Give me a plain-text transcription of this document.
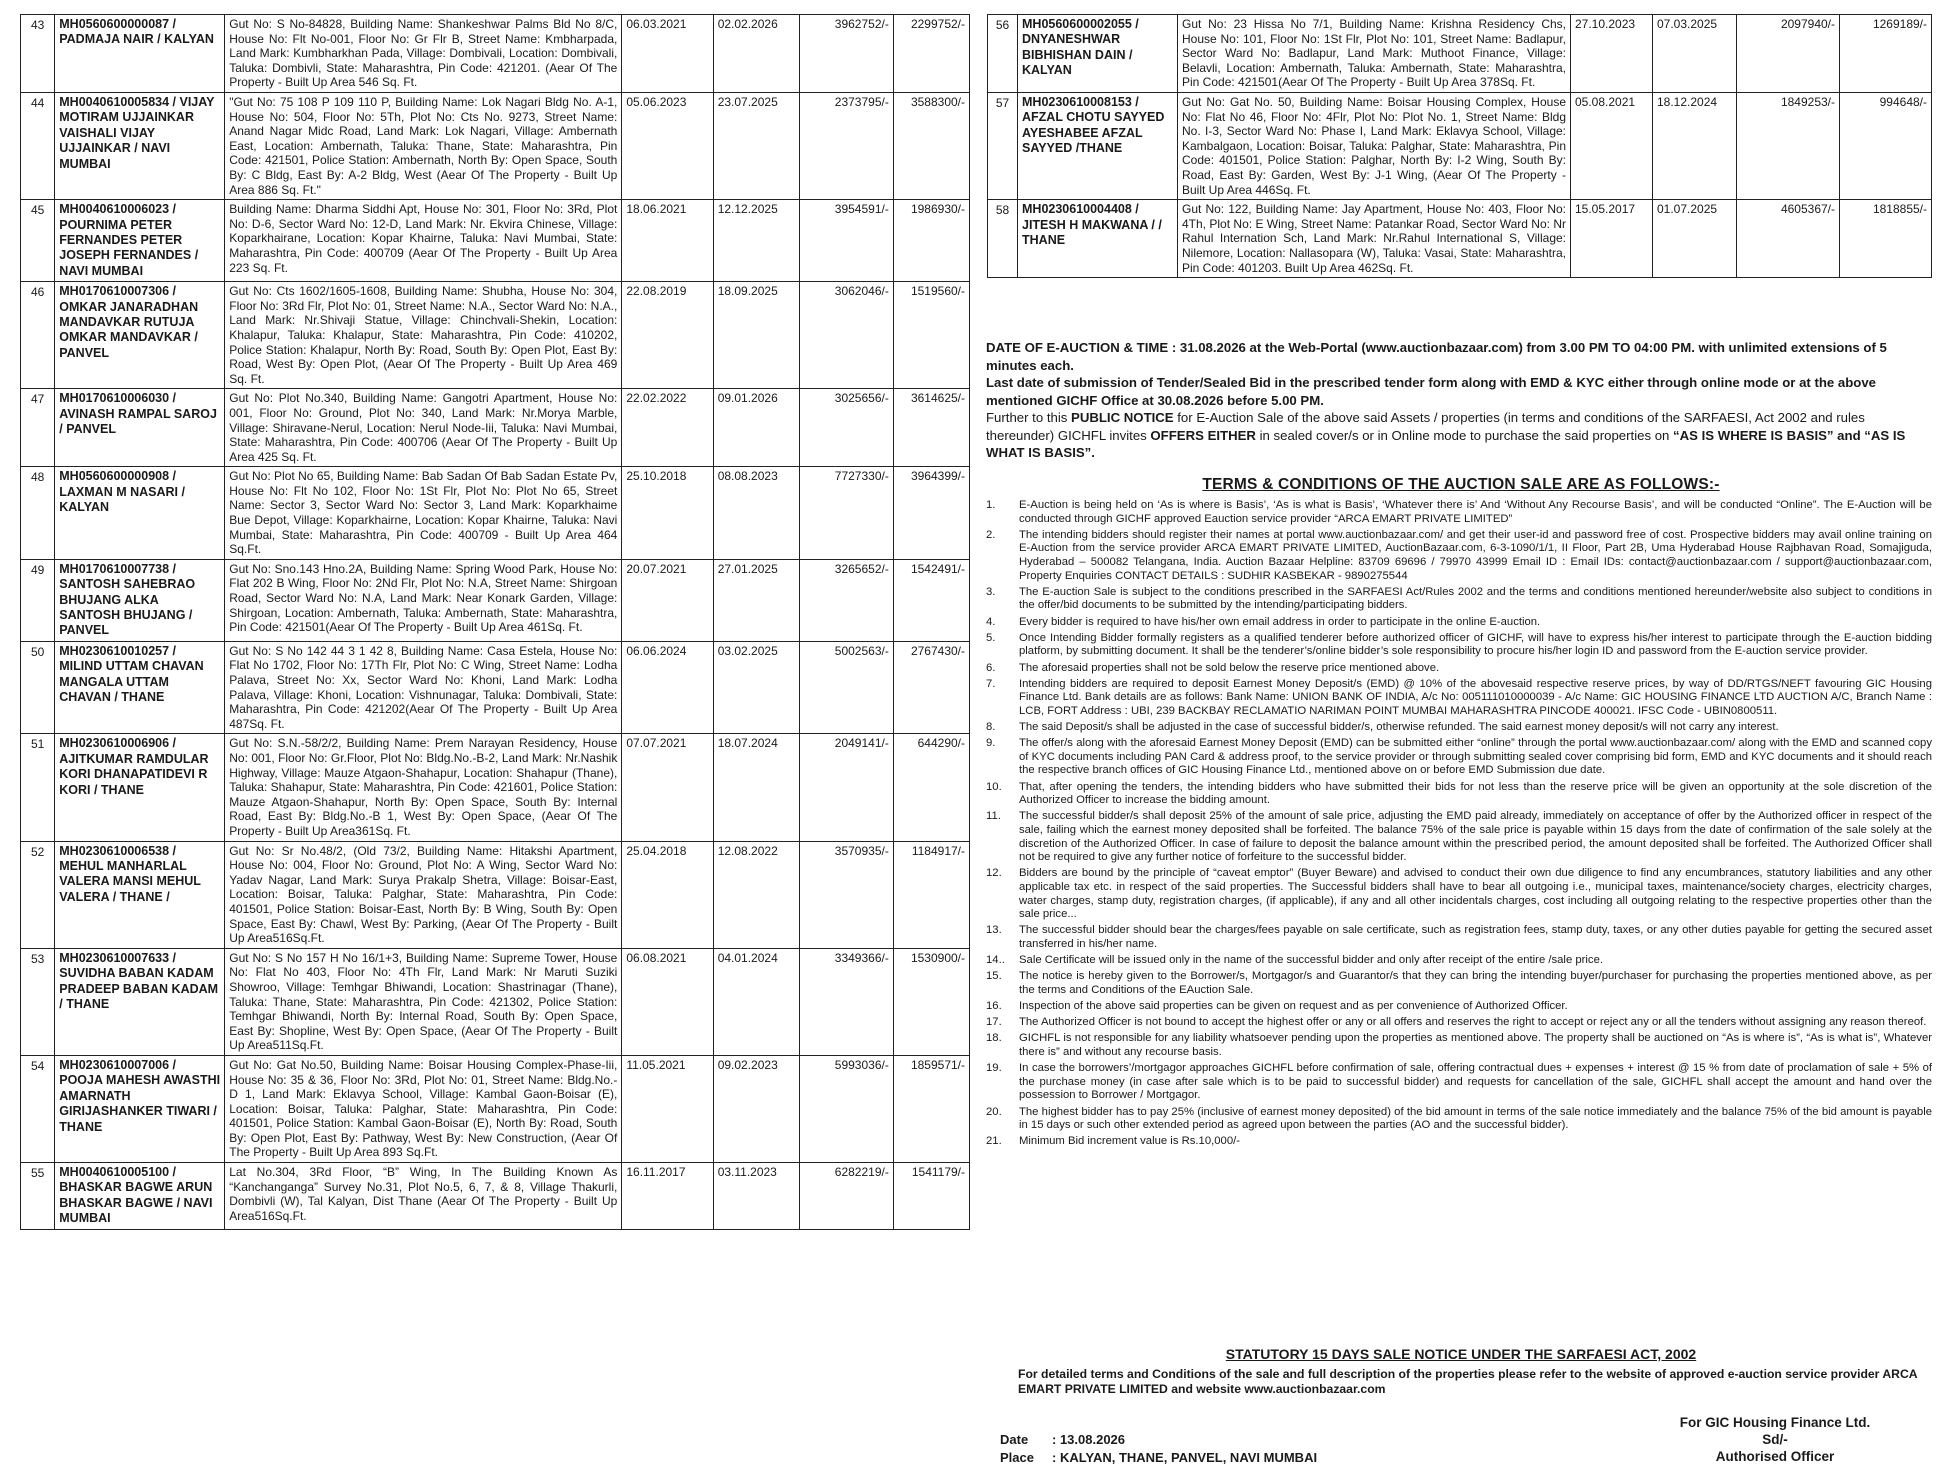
43	MH0560600000087 / PADMAJA NAIR / KALYAN	Gut No: S No-84828, Building Name: Shankeshwar Palms Bld No 8/C, House No: Flt No-001, Floor No: Gr Flr B, Street Name: Kmbharpada, Land Mark: Kumbharkhan Pada, Village: Dombivali, Location: Dombivali, Taluka: Dombivli, State: Maharashtra, Pin Code: 421201. (Aear Of The Property - Built Up Area 546 Sq. Ft.	06.03.2021	02.02.2026	3962752/-	2299752/-
44	MH0040610005834 / VIJAY MOTIRAM UJJAINKAR VAISHALI VIJAY UJJAINKAR / NAVI MUMBAI	"Gut No: 75 108 P 109 110 P, Building Name: Lok Nagari Bldg No. A-1, House No: 504, Floor No: 5Th, Plot No: Cts No. 9273, Street Name: Anand Nagar Midc Road, Land Mark: Lok Nagari, Village: Ambernath East, Location: Ambernath, Taluka: Thane, State: Maharashtra, Pin Code: 421501, Police Station: Ambernath, North By: Open Space, South By: C Bldg, East By: A-2 Bldg, West (Aear Of The Property - Built Up Area 886 Sq. Ft."	05.06.2023	23.07.2025	2373795/-	3588300/-
45	MH0040610006023 / POURNIMA PETER FERNANDES PETER JOSEPH FERNANDES / NAVI MUMBAI	Building Name: Dharma Siddhi Apt, House No: 301, Floor No: 3Rd, Plot No: D-6, Sector Ward No: 12-D, Land Mark: Nr. Ekvira Chinese, Village: Koparkhairane, Location: Kopar Khairne, Taluka: Navi Mumbai, State: Maharashtra, Pin Code: 400709 (Aear Of The Property - Built Up Area 223 Sq. Ft.	18.06.2021	12.12.2025	3954591/-	1986930/-
46	MH0170610007306 / OMKAR JANARADHAN MANDAVKAR RUTUJA OMKAR MANDAVKAR / PANVEL	Gut No: Cts 1602/1605-1608, Building Name: Shubha, House No: 304, Floor No: 3Rd Flr, Plot No: 01, Street Name: N.A., Sector Ward No: N.A., Land Mark: Nr.Shivaji Statue, Village: Chinchvali-Shekin, Location: Khalapur, Taluka: Khalapur, State: Maharashtra, Pin Code: 410202, Police Station: Khalapur, North By: Road, South By: Open Plot, East By: Road, West By: Open Plot, (Aear Of The Property - Built Up Area 469 Sq. Ft.	22.08.2019	18.09.2025	3062046/-	1519560/-
47	MH0170610006030 / AVINASH RAMPAL SAROJ / PANVEL	Gut No: Plot No.340, Building Name: Gangotri Apartment, House No: 001, Floor No: Ground, Plot No: 340, Land Mark: Nr.Morya Marble, Village: Shiravane-Nerul, Location: Nerul Node-Iii, Taluka: Navi Mumbai, State: Maharashtra, Pin Code: 400706 (Aear Of The Property - Built Up Area 425 Sq. Ft.	22.02.2022	09.01.2026	3025656/-	3614625/-
48	MH0560600000908 / LAXMAN M NASARI / KALYAN	Gut No: Plot No 65, Building Name: Bab Sadan Of Bab Sadan Estate Pv, House No: Flt No 102, Floor No: 1St Flr, Plot No: Plot No 65, Street Name: Sector 3, Sector Ward No: Sector 3, Land Mark: Koparkhaime Bue Depot, Village: Koparkhairne, Location: Kopar Khairne, Taluka: Navi Mumbai, State: Maharashtra, Pin Code: 400709 - Built Up Area 464 Sq.Ft.	25.10.2018	08.08.2023	7727330/-	3964399/-
49	MH0170610007738 / SANTOSH SAHEBRAO BHUJANG ALKA SANTOSH BHUJANG / PANVEL	Gut No: Sno.143 Hno.2A, Building Name: Spring Wood Park, House No: Flat 202 B Wing, Floor No: 2Nd Flr, Plot No: N.A, Street Name: Shirgoan Road, Sector Ward No: N.A, Land Mark: Near Konark Garden, Village: Shirgoan, Location: Ambernath, Taluka: Ambernath, State: Maharashtra, Pin Code: 421501(Aear Of The Property - Built Up Area 461Sq. Ft.	20.07.2021	27.01.2025	3265652/-	1542491/-
50	MH0230610010257 / MILIND UTTAM CHAVAN MANGALA UTTAM CHAVAN / THANE	Gut No: S No 142 44 3 1 42 8, Building Name: Casa Estela, House No: Flat No 1702, Floor No: 17Th Flr, Plot No: C Wing, Street Name: Lodha Palava, Street No: Xx, Sector Ward No: Khoni, Land Mark: Lodha Palava, Village: Khoni, Location: Vishnunagar, Taluka: Dombivali, State: Maharashtra, Pin Code: 421202(Aear Of The Property - Built Up Area 487Sq. Ft.	06.06.2024	03.02.2025	5002563/-	2767430/-
51	MH0230610006906 / AJITKUMAR RAMDULAR KORI DHANAPATIDEVI R KORI / THANE	Gut No: S.N.-58/2/2, Building Name: Prem Narayan Residency, House No: 001, Floor No: Gr.Floor, Plot No: Bldg.No.-B-2, Land Mark: Nr.Nashik Highway, Village: Mauze Atgaon-Shahapur, Location: Shahapur (Thane), Taluka: Shahapur, State: Maharashtra, Pin Code: 421601, Police Station: Mauze Atgaon-Shahapur, North By: Open Space, South By: Internal Road, East By: Bldg.No.-B 1, West By: Open Space, (Aear Of The Property - Built Up Area361Sq. Ft.	07.07.2021	18.07.2024	2049141/-	644290/-
52	MH0230610006538 / MEHUL MANHARLAL VALERA MANSI MEHUL VALERA / THANE /	Gut No: Sr No.48/2, (Old 73/2, Building Name: Hitakshi Apartment, House No: 004, Floor No: Ground, Plot No: A Wing, Sector Ward No: Yadav Nagar, Land Mark: Surya Prakalp Shetra, Village: Boisar-East, Location: Boisar, Taluka: Palghar, State: Maharashtra, Pin Code: 401501, Police Station: Boisar-East, North By: B Wing, South By: Open Space, East By: Chawl, West By: Parking, (Aear Of The Property - Built Up Area516Sq.Ft.	25.04.2018	12.08.2022	3570935/-	1184917/-
53	MH0230610007633 / SUVIDHA BABAN KADAM PRADEEP BABAN KADAM / THANE	Gut No: S No 157 H No 16/1+3, Building Name: Supreme Tower, House No: Flat No 403, Floor No: 4Th Flr, Land Mark: Nr Maruti Suziki Showroo, Village: Temhgar Bhiwandi, Location: Shastrinagar (Thane), Taluka: Thane, State: Maharashtra, Pin Code: 421302, Police Station: Temhgar Bhiwandi, North By: Internal Road, South By: Open Space, East By: Shopline, West By: Open Space, (Aear Of The Property - Built Up Area511Sq.Ft.	06.08.2021	04.01.2024	3349366/-	1530900/-
54	MH0230610007006 / POOJA MAHESH AWASTHI AMARNATH GIRIJASHANKER TIWARI / THANE	Gut No: Gat No.50, Building Name: Boisar Housing Complex-Phase-Iii, House No: 35 & 36, Floor No: 3Rd, Plot No: 01, Street Name: Bldg.No.-D 1, Land Mark: Eklavya School, Village: Kambal Gaon-Boisar (E), Location: Boisar, Taluka: Palghar, State: Maharashtra, Pin Code: 401501, Police Station: Kambal Gaon-Boisar (E), North By: Road, South By: Open Plot, East By: Pathway, West By: New Construction, (Aear Of The Property - Built Up Area 893 Sq.Ft.	11.05.2021	09.02.2023	5993036/-	1859571/-
55	MH0040610005100 / BHASKAR BAGWE ARUN BHASKAR BAGWE / NAVI MUMBAI	Lat No.304, 3Rd Floor, “B” Wing, In The Building Known As “Kanchanganga” Survey No.31, Plot No.5, 6, 7, & 8, Village Thakurli, Dombivli (W), Tal Kalyan, Dist Thane (Aear Of The Property - Built Up Area516Sq.Ft.	16.11.2017	03.11.2023	6282219/-	1541179/-
56	MH0560600002055 / DNYANESHWAR BIBHISHAN DAIN / KALYAN	Gut No: 23 Hissa No 7/1, Building Name: Krishna Residency Chs, House No: 101, Floor No: 1St Flr, Plot No: 101, Street Name: Badlapur, Sector Ward No: Badlapur, Land Mark: Muthoot Finance, Village: Belavli, Location: Ambernath, Taluka: Ambernath, State: Maharashtra, Pin Code: 421501(Aear Of The Property - Built Up Area 378Sq. Ft.	27.10.2023	07.03.2025	2097940/-	1269189/-
57	MH0230610008153 / AFZAL CHOTU SAYYED AYESHABEE AFZAL SAYYED /THANE	Gut No: Gat No. 50, Building Name: Boisar Housing Complex, House No: Flat No 46, Floor No: 4Flr, Plot No: Plot No. 1, Street Name: Bldg No. I-3, Sector Ward No: Phase I, Land Mark: Eklavya School, Village: Kambalgaon, Location: Boisar, Taluka: Palghar, State: Maharashtra, Pin Code: 401501, Police Station: Palghar, North By: I-2 Wing, South By: Road, East By: Garden, West By: J-1 Wing, (Aear Of The Property - Built Up Area 446Sq. Ft.	05.08.2021	18.12.2024	1849253/-	994648/-
58	MH0230610004408 / JITESH H MAKWANA / / THANE	Gut No: 122, Building Name: Jay Apartment, House No: 403, Floor No: 4Th, Plot No: E Wing, Street Name: Patankar Road, Sector Ward No: Nr Rahul Internation Sch, Land Mark: Nr.Rahul International S, Village: Nilemore, Location: Nallasopara (W), Taluka: Vasai, State: Maharashtra, Pin Code: 401203. Built Up Area 462Sq. Ft.	15.05.2017	01.07.2025	4605367/-	1818855/-

DATE OF E-AUCTION & TIME : 31.08.2026 at the Web-Portal (www.auctionbazaar.com) from 3.00 PM TO 04:00 PM. with unlimited extensions of 5 minutes each.

Last date of submission of Tender/Sealed Bid in the prescribed tender form along with EMD & KYC either through online mode or at the above mentioned GICHF Office at 30.08.2026 before 5.00 PM.

Further to this PUBLIC NOTICE for E-Auction Sale of the above said Assets / properties (in terms and conditions of the SARFAESI, Act 2002 and rules thereunder) GICHFL invites OFFERS EITHER in sealed cover/s or in Online mode to purchase the said properties on “AS IS WHERE IS BASIS” and “AS IS WHAT IS BASIS”.

TERMS & CONDITIONS OF THE AUCTION SALE ARE AS FOLLOWS:-
1.	E-Auction is being held on ‘As is where is Basis’, ‘As is what is Basis’, ‘Whatever there is’ And ‘Without Any Recourse Basis’, and will be conducted “Online”. The E-Auction will be conducted through GICHF approved Eauction service provider “ARCA EMART PRIVATE LIMITED”
2.	The intending bidders should register their names at portal www.auctionbazaar.com/ and get their user-id and password free of cost. Prospective bidders may avail online training on E-Auction from the service provider ARCA EMART PRIVATE LIMITED, AuctionBazaar.com, 6-3-1090/1/1, II Floor, Part 2B, Uma Hyderabad House Rajbhavan Road, Somajiguda, Hyderabad – 500082 Telangana, India. Auction Bazaar Helpline: 83709 69696 / 79970 43999 Email ID : Email IDs: contact@auctionbazaar.com / support@auctionbazaar.com, Property Enquiries CONTACT DETAILS : SUDHIR KASBEKAR - 9890275544
3.	The E-auction Sale is subject to the conditions prescribed in the SARFAESI Act/Rules 2002 and the terms and conditions mentioned hereunder/website also subject to conditions in the offer/bid documents to be submitted by the intending/participating bidders.
4.	Every bidder is required to have his/her own email address in order to participate in the online E-auction.
5.	Once Intending Bidder formally registers as a qualified tenderer before authorized officer of GICHF, will have to express his/her interest to participate through the E-auction bidding platform, by submitting document. It shall be the tenderer’s/online bidder’s sole responsibility to procure his/her login ID and password from the E-auction service provider.
6.	The aforesaid properties shall not be sold below the reserve price mentioned above.
7.	Intending bidders are required to deposit Earnest Money Deposit/s (EMD) @ 10% of the abovesaid respective reserve prices, by way of DD/RTGS/NEFT favouring GIC Housing Finance Ltd. Bank details are as follows: Bank Name: UNION BANK OF INDIA, A/c No: 005111010000039 - A/c Name: GIC HOUSING FINANCE LTD AUCTION A/C, Branch Name : LCB, FORT Address : UBI, 239 BACKBAY RECLAMATIO NARIMAN POINT MUMBAI MAHARASHTRA PINCODE 400021. IFSC Code - UBIN0800511.
8.	The said Deposit/s shall be adjusted in the case of successful bidder/s, otherwise refunded. The said earnest money deposit/s will not carry any interest.
9.	The offer/s along with the aforesaid Earnest Money Deposit (EMD) can be submitted either “online” through the portal www.auctionbazaar.com/ along with the EMD and scanned copy of KYC documents including PAN Card & address proof, to the service provider or through submitting sealed cover comprising bid form, EMD and KYC documents and it should reach the respective branch offices of GIC Housing Finance Ltd., mentioned above on or before EMD Submission due date.
10.	That, after opening the tenders, the intending bidders who have submitted their bids for not less than the reserve price will be given an opportunity at the sole discretion of the Authorized Officer to increase the bidding amount.
11.	The successful bidder/s shall deposit 25% of the amount of sale price, adjusting the EMD paid already, immediately on acceptance of offer by the Authorized officer in respect of the sale, failing which the earnest money deposited shall be forfeited. The balance 75% of the sale price is payable within 15 days from the date of confirmation of the sale solely at the discretion of the Authorized Officer. In case of failure to deposit the balance amount within the prescribed period, the amount deposited shall be forfeited. The Authorized Officer shall not be required to give any further notice of forfeiture to the successful bidder.
12.	Bidders are bound by the principle of “caveat emptor” (Buyer Beware) and advised to conduct their own due diligence to find any encumbrances, statutory liabilities and any other applicable tax etc. in respect of the said properties. The Successful bidders shall have to bear all outgoing i.e., municipal taxes, maintenance/society charges, electricity charges, water charges, stamp duty, registration charges, (if applicable), if any and all other incidentals charges, cost including all outgoing relating to the respective properties other than the sale price...
13.	The successful bidder should bear the charges/fees payable on sale certificate, such as registration fees, stamp duty, taxes, or any other duties payable for getting the secured asset transferred in his/her name.
14..	Sale Certificate will be issued only in the name of the successful bidder and only after receipt of the entire /sale price.
15.	The notice is hereby given to the Borrower/s, Mortgagor/s and Guarantor/s that they can bring the intending buyer/purchaser for purchasing the properties mentioned above, as per the terms and Conditions of the EAuction Sale.
16.	Inspection of the above said properties can be given on request and as per convenience of Authorized Officer.
17.	The Authorized Officer is not bound to accept the highest offer or any or all offers and reserves the right to accept or reject any or all the tenders without assigning any reason thereof.
18.	GICHFL is not responsible for any liability whatsoever pending upon the properties as mentioned above. The property shall be auctioned on “As is where is”, “As is what is”, Whatever there is” and without any recourse basis.
19.	In case the borrowers’/mortgagor approaches GICHFL before confirmation of sale, offering contractual dues + expenses + interest @ 15 % from date of proclamation of sale + 5% of the purchase money (in case after sale which is to be paid to successful bidder) and requests for cancellation of the sale, GICHFL shall accept the amount and hand over the possession to Borrower / Mortgagor.
20.	The highest bidder has to pay 25% (inclusive of earnest money deposited) of the bid amount in terms of the sale notice immediately and the balance 75% of the bid amount is payable in 15 days or such other extended period as agreed upon between the parties (AO and the successful bidder).
21.	Minimum Bid increment value is Rs.10,000/-
STATUTORY 15 DAYS SALE NOTICE UNDER THE SARFAESI ACT, 2002
For detailed terms and Conditions of the sale and full description of the properties please refer to the website of approved e-auction service provider ARCA EMART PRIVATE LIMITED and website www.auctionbazaar.com
Date : 13.08.2026
Place : KALYAN, THANE, PANVEL, NAVI MUMBAI
For GIC Housing Finance Ltd.
Sd/-
Authorised Officer
